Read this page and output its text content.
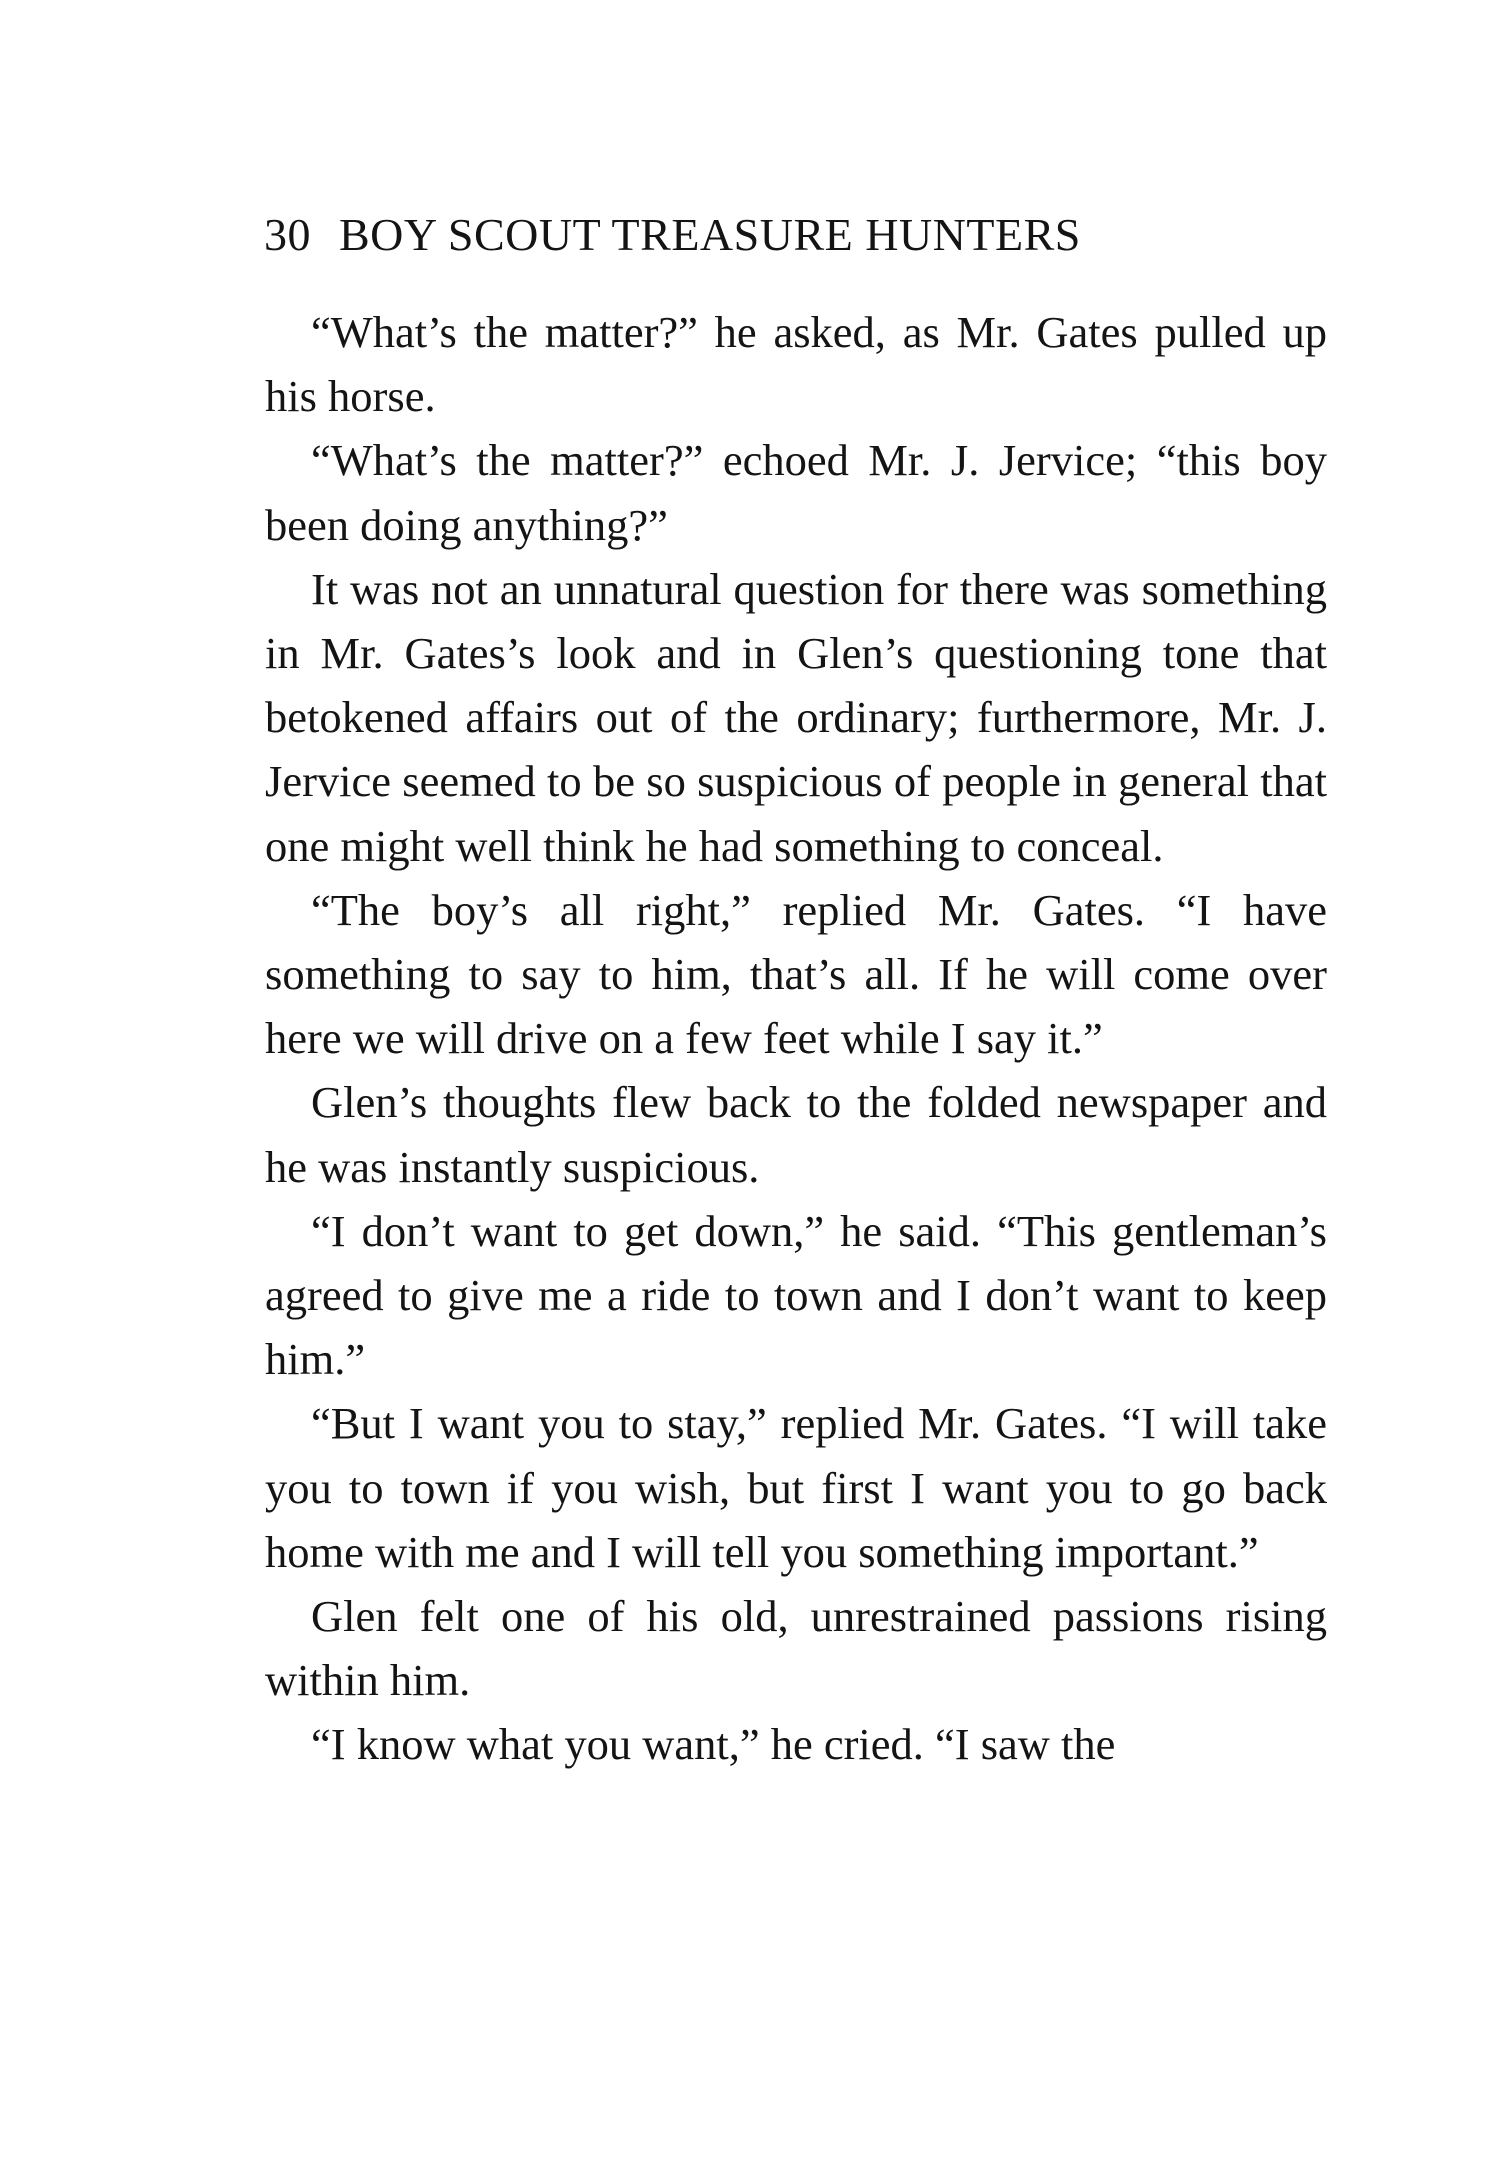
30 BOY SCOUT TREASURE HUNTERS

“What’s the matter?” he asked, as Mr. Gates pulled up his horse.

“What’s the matter?” echoed Mr. J. Jervice; “this boy been doing anything?”

It was not an unnatural question for there was something in Mr. Gates’s look and in Glen’s questioning tone that betokened affairs out of the ordinary; furthermore, Mr. J. Jervice seemed to be so suspicious of people in general that one might well think he had something to conceal.

“The boy’s all right,” replied Mr. Gates. “I have something to say to him, that’s all. If he will come over here we will drive on a few feet while I say it.”

Glen’s thoughts flew back to the folded newspaper and he was instantly suspicious.

“I don’t want to get down,” he said. “This gentleman’s agreed to give me a ride to town and I don’t want to keep him.”

“But I want you to stay,” replied Mr. Gates. “I will take you to town if you wish, but first I want you to go back home with me and I will tell you something important.”

Glen felt one of his old, unrestrained passions rising within him.

“I know what you want,” he cried. “I saw the
